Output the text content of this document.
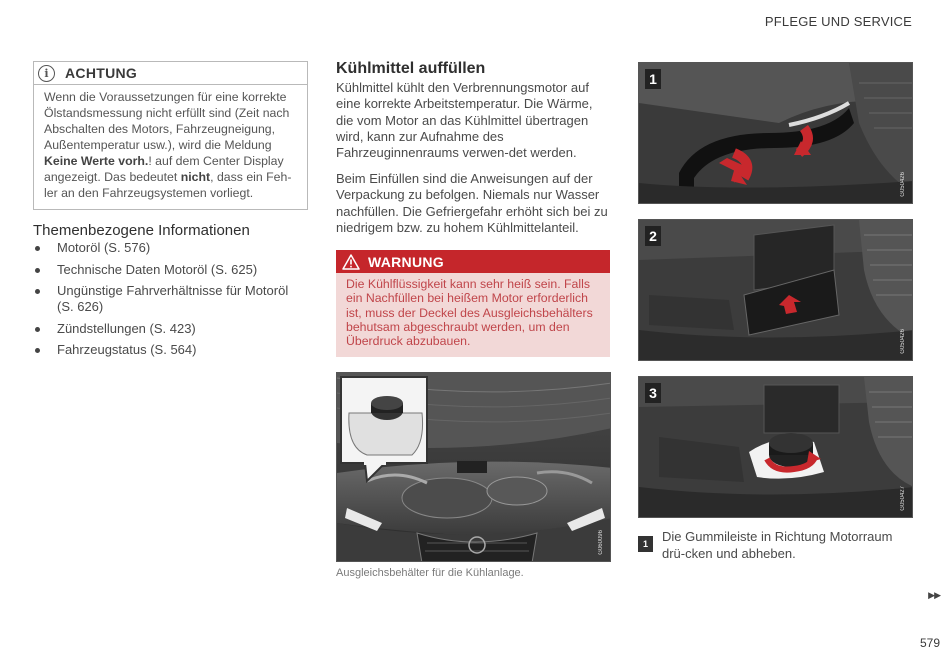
PFLEGE UND SERVICE
i	ACHTUNG
Wenn die Voraussetzungen für eine korrekte
Ölstandsmessung nicht erfüllt sind (Zeit nach
Abschalten des Motors, Fahrzeugneigung,
Außentemperatur usw.), wird die Meldung
Keine Werte vorh.! auf dem Center Display
angezeigt. Das bedeutet nicht, dass ein Feh-
ler an den Fahrzeugsystemen vorliegt.
Themenbezogene Informationen
Motoröl (S. 576)
Technische Daten Motoröl (S. 625)
Ungünstige Fahrverhältnisse für Motoröl (S. 626)
Zündstellungen (S. 423)
Fahrzeugstatus (S. 564)
Kühlmittel auffüllen
Kühlmittel kühlt den Verbrennungsmotor auf eine korrekte Arbeitstemperatur. Die Wärme, die vom Motor an das Kühlmittel übertragen wird, kann zur Aufnahme des Fahrzeuginnenraums verwen-det werden.
Beim Einfüllen sind die Anweisungen auf der Verpackung zu befolgen. Niemals nur Wasser nachfüllen. Die Gefriergefahr erhöht sich bei zu niedrigem bzw. zu hohem Kühlmittelanteil.
WARNUNG
Die Kühlflüssigkeit kann sehr heiß sein. Falls ein Nachfüllen bei heißem Motor erforderlich ist, muss der Deckel des Ausgleichsbehälters behutsam abgeschraubt werden, um den Überdruck abzubauen.
G060096
Ausgleichsbehälter für die Kühlanlage.
1
G050426
2
G050426
3
G050427
1	Die Gummileiste in Richtung Motorraum drü-cken und abheben.
▶▶
579
